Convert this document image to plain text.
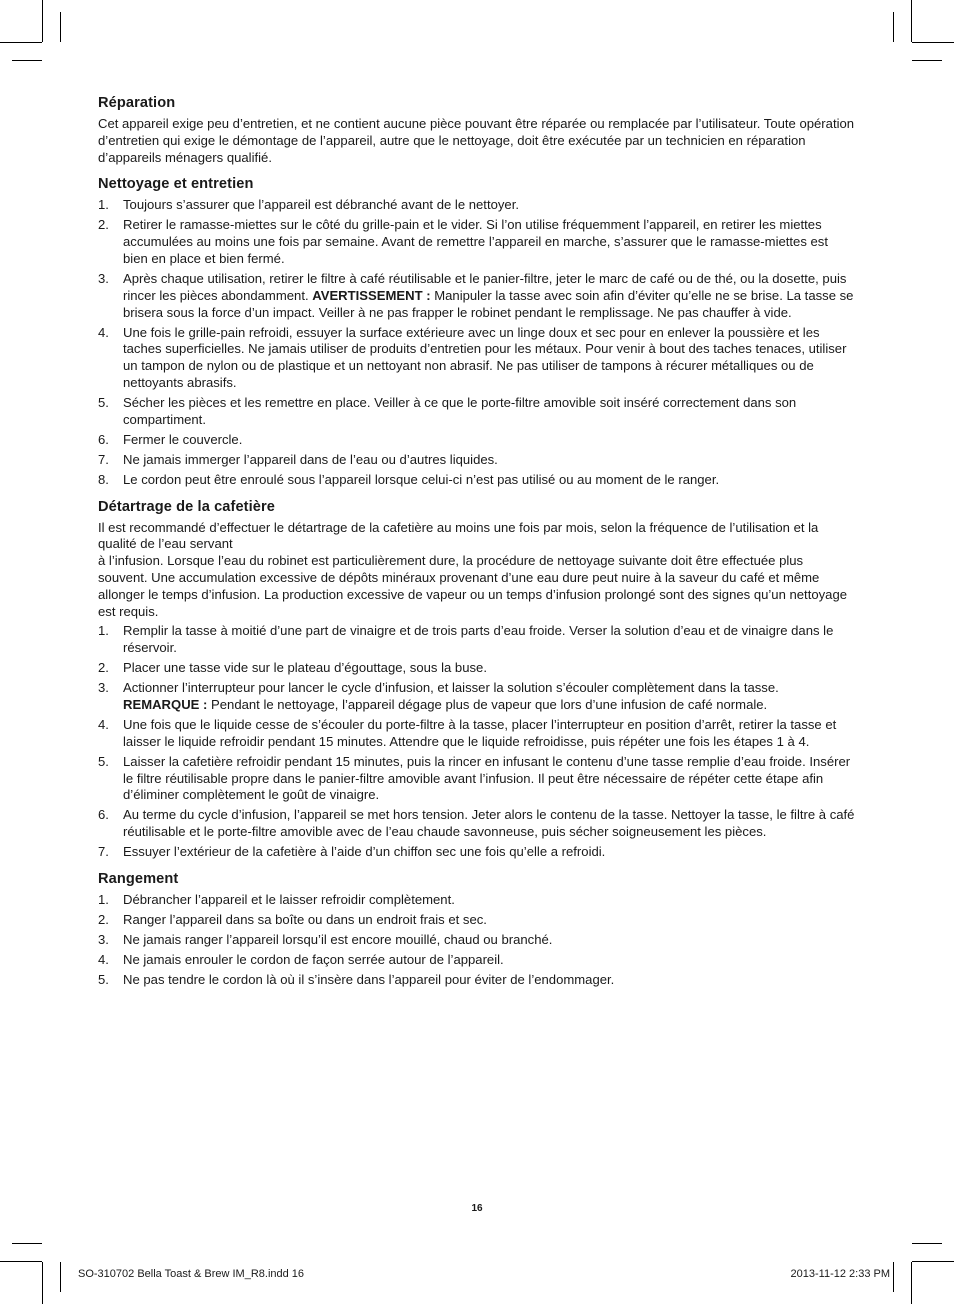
Réparation
Cet appareil exige peu d’entretien, et ne contient aucune pièce pouvant être réparée ou remplacée par l’utilisateur. Toute opération d’entretien qui exige le démontage de l’appareil, autre que le nettoyage, doit être exécutée par un technicien en réparation d’appareils ménagers qualifié.
Nettoyage et entretien
1. Toujours s’assurer que l’appareil est débranché avant de le nettoyer.
2. Retirer le ramasse-miettes sur le côté du grille-pain et le vider. Si l’on utilise fréquemment l’appareil, en retirer les miettes accumulées au moins une fois par semaine. Avant de remettre l’appareil en marche, s’assurer que le ramasse-miettes est bien en place et bien fermé.
3. Après chaque utilisation, retirer le filtre à café réutilisable et le panier-filtre, jeter le marc de café ou de thé, ou la dosette, puis rincer les pièces abondamment. AVERTISSEMENT : Manipuler la tasse avec soin afin d’éviter qu’elle ne se brise. La tasse se brisera sous la force d’un impact. Veiller à ne pas frapper le robinet pendant le remplissage. Ne pas chauffer à vide.
4. Une fois le grille-pain refroidi, essuyer la surface extérieure avec un linge doux et sec pour en enlever la poussière et les taches superficielles. Ne jamais utiliser de produits d’entretien pour les métaux. Pour venir à bout des taches tenaces, utiliser un tampon de nylon ou de plastique et un nettoyant non abrasif. Ne pas utiliser de tampons à récurer métalliques ou de nettoyants abrasifs.
5. Sécher les pièces et les remettre en place. Veiller à ce que le porte-filtre amovible soit inséré correctement dans son compartiment.
6. Fermer le couvercle.
7. Ne jamais immerger l’appareil dans de l’eau ou d’autres liquides.
8. Le cordon peut être enroulé sous l’appareil lorsque celui-ci n’est pas utilisé ou au moment de le ranger.
Détartrage de la cafetière
Il est recommandé d’effectuer le détartrage de la cafetière au moins une fois par mois, selon la fréquence de l’utilisation et la qualité de l’eau servant
à l’infusion. Lorsque l’eau du robinet est particulièrement dure, la procédure de nettoyage suivante doit être effectuée plus souvent. Une accumulation excessive de dépôts minéraux provenant d’une eau dure peut nuire à la saveur du café et même allonger le temps d’infusion. La production excessive de vapeur ou un temps d’infusion prolongé sont des signes qu’un nettoyage est requis.
1. Remplir la tasse à moitié d’une part de vinaigre et de trois parts d’eau froide. Verser la solution d’eau et de vinaigre dans le réservoir.
2. Placer une tasse vide sur le plateau d’égouttage, sous la buse.
3. Actionner l’interrupteur pour lancer le cycle d’infusion, et laisser la solution s’écouler complètement dans la tasse.
REMARQUE : Pendant le nettoyage, l’appareil dégage plus de vapeur que lors d’une infusion de café normale.
4. Une fois que le liquide cesse de s’écouler du porte-filtre à la tasse, placer l’interrupteur en position d’arrêt, retirer la tasse et laisser le liquide refroidir pendant 15 minutes. Attendre que le liquide refroidisse, puis répéter une fois les étapes 1 à 4.
5. Laisser la cafetière refroidir pendant 15 minutes, puis la rincer en infusant le contenu d’une tasse remplie d’eau froide. Insérer le filtre réutilisable propre dans le panier-filtre amovible avant l’infusion. Il peut être nécessaire de répéter cette étape afin d’éliminer complètement le goût de vinaigre.
6. Au terme du cycle d’infusion, l’appareil se met hors tension. Jeter alors le contenu de la tasse. Nettoyer la tasse, le filtre à café réutilisable et le porte-filtre amovible avec de l’eau chaude savonneuse, puis sécher soigneusement les pièces.
7. Essuyer l’extérieur de la cafetière à l’aide d’un chiffon sec une fois qu’elle a refroidi.
Rangement
1. Débrancher l’appareil et le laisser refroidir complètement.
2. Ranger l’appareil dans sa boîte ou dans un endroit frais et sec.
3. Ne jamais ranger l’appareil lorsqu’il est encore mouillé, chaud ou branché.
4. Ne jamais enrouler le cordon de façon serrée autour de l’appareil.
5. Ne pas tendre le cordon là où il s’insère dans l’appareil pour éviter de l’endommager.
16
SO-310702 Bella Toast & Brew IM_R8.indd 16	2013-11-12 2:33 PM
